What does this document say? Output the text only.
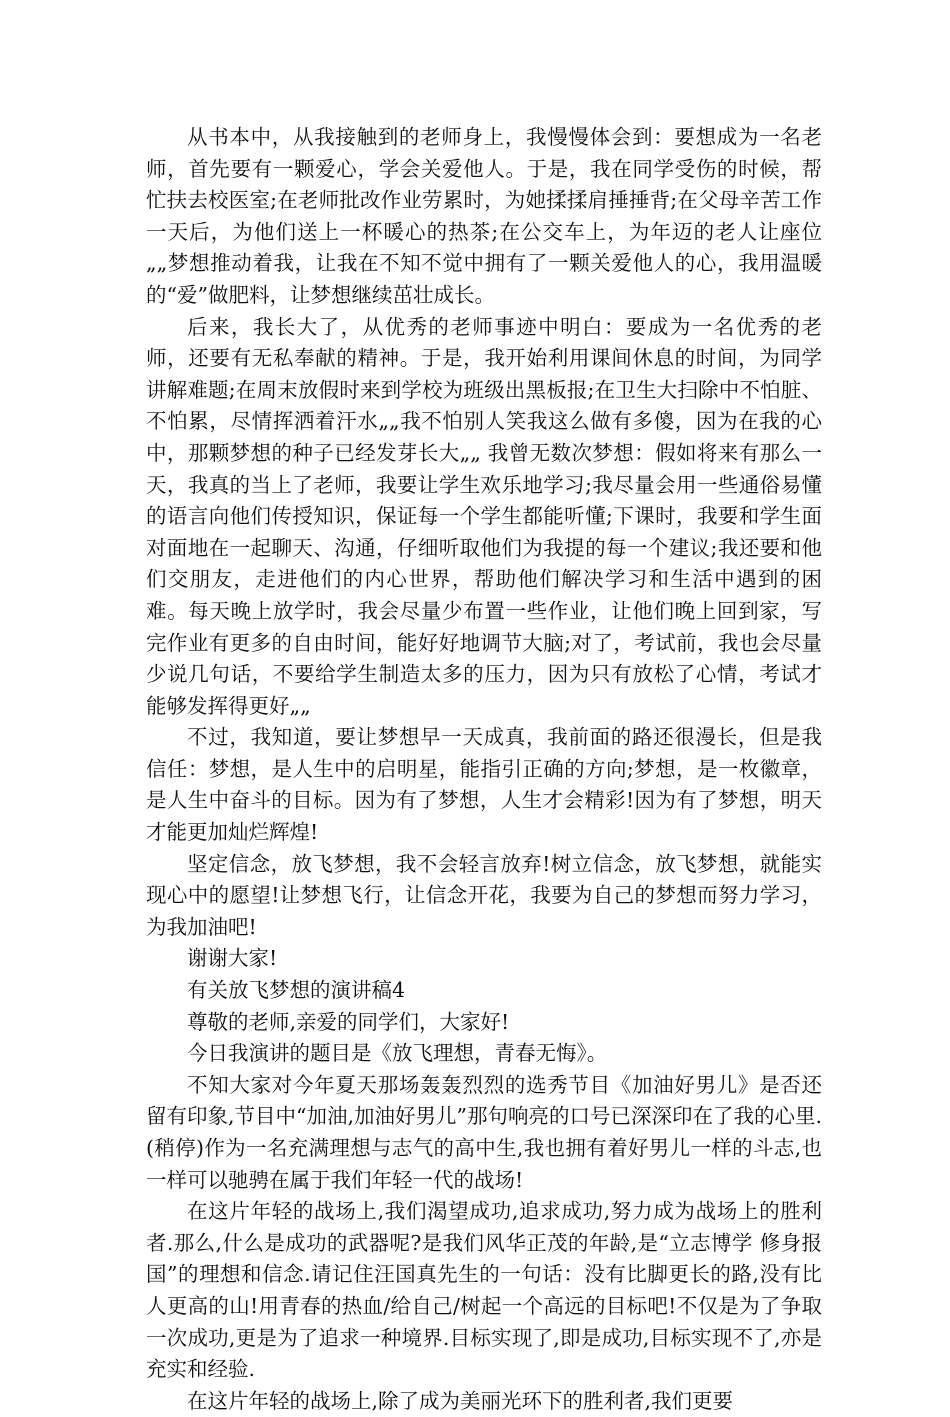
从书本中，从我接触到的老师身上，我慢慢体会到：要想成为一名老师，首先要有一颗爱心，学会关爱他人。于是，我在同学受伤的时候，帮忙扶去校医室;在老师批改作业劳累时，为她揉揉肩捶捶背;在父母辛苦工作一天后，为他们送上一杯暖心的热茶;在公交车上，为年迈的老人让座位„„梦想推动着我，让我在不知不觉中拥有了一颗关爱他人的心，我用温暖的“爱”做肥料，让梦想继续茁壮成长。

后来，我长大了，从优秀的老师事迹中明白：要成为一名优秀的老师，还要有无私奉献的精神。于是，我开始利用课间休息的时间，为同学讲解难题;在周末放假时来到学校为班级出黑板报;在卫生大扫除中不怕脏、不怕累，尽情挥洒着汗水„„我不怕别人笑我这么做有多傻，因为在我的心中，那颗梦想的种子已经发芽长大„„ 我曾无数次梦想：假如将来有那么一天，我真的当上了老师，我要让学生欢乐地学习;我尽量会用一些通俗易懂的语言向他们传授知识，保证每一个学生都能听懂;下课时，我要和学生面对面地在一起聊天、沟通，仔细听取他们为我提的每一个建议;我还要和他们交朋友，走进他们的内心世界，帮助他们解决学习和生活中遇到的困难。每天晚上放学时，我会尽量少布置一些作业，让他们晚上回到家，写完作业有更多的自由时间，能好好地调节大脑;对了，考试前，我也会尽量少说几句话，不要给学生制造太多的压力，因为只有放松了心情，考试才能够发挥得更好„„

不过，我知道，要让梦想早一天成真，我前面的路还很漫长，但是我信任：梦想，是人生中的启明星，能指引正确的方向;梦想，是一枚徽章，是人生中奋斗的目标。因为有了梦想，人生才会精彩!因为有了梦想，明天才能更加灿烂辉煌!

坚定信念，放飞梦想，我不会轻言放弃!树立信念，放飞梦想，就能实现心中的愿望!让梦想飞行，让信念开花，我要为自己的梦想而努力学习，为我加油吧!

谢谢大家!

有关放飞梦想的演讲稿4

尊敬的老师,亲爱的同学们，大家好!

今日我演讲的题目是《放飞理想，青春无悔》。

不知大家对今年夏天那场轰轰烈烈的选秀节目《加油好男儿》是否还留有印象,节目中“加油,加油好男儿”那句响亮的口号已深深印在了我的心里.(稍停)作为一名充满理想与志气的高中生,我也拥有着好男儿一样的斗志,也一样可以驰骋在属于我们年轻一代的战场!

在这片年轻的战场上,我们渴望成功,追求成功,努力成为战场上的胜利者.那么,什么是成功的武器呢?是我们风华正茂的年龄,是“立志博学 修身报国”的理想和信念.请记住汪国真先生的一句话：没有比脚更长的路,没有比人更高的山!用青春的热血/给自己/树起一个高远的目标吧!不仅是为了争取一次成功,更是为了追求一种境界.目标实现了,即是成功,目标实现不了,亦是充实和经验.

在这片年轻的战场上,除了成为美丽光环下的胜利者,我们更要
